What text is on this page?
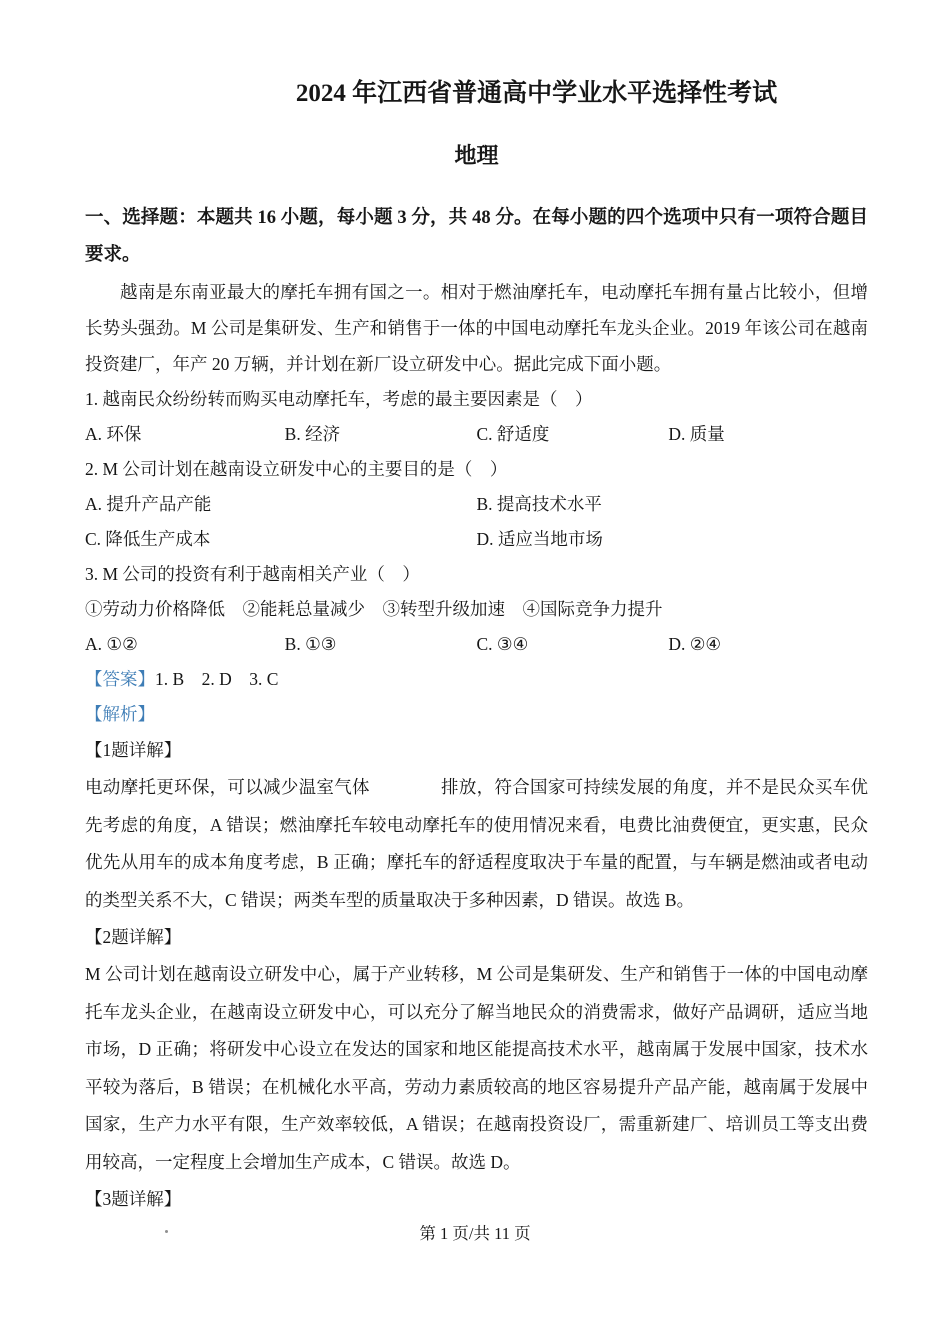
2024 年江西省普通高中学业水平选择性考试
地理

一、选择题：本题共 16 小题，每小题 3 分，共 48 分。在每小题的四个选项中只有一项符合题目要求。

越南是东南亚最大的摩托车拥有国之一。相对于燃油摩托车，电动摩托车拥有量占比较小，但增长势头强劲。M 公司是集研发、生产和销售于一体的中国电动摩托车龙头企业。2019 年该公司在越南投资建厂，年产 20 万辆，并计划在新厂设立研发中心。据此完成下面小题。

1. 越南民众纷纷转而购买电动摩托车，考虑的最主要因素是（　）

A. 环保	B. 经济	C. 舒适度	D. 质量

2. M 公司计划在越南设立研发中心的主要目的是（　）

A. 提升产品产能	B. 提高技术水平
C. 降低生产成本	D. 适应当地市场

3. M 公司的投资有利于越南相关产业（　）

①劳动力价格降低　②能耗总量减少　③转型升级加速　④国际竞争力提升

A. ①②	B. ①③	C. ③④	D. ②④

【答案】1. B　2. D　3. C

【解析】

【1题详解】

电动摩托更环保，可以减少温室气体　　　　排放，符合国家可持续发展的角度，并不是民众买车优先考虑的角度，A 错误；燃油摩托车较电动摩托车的使用情况来看，电费比油费便宜，更实惠，民众优先从用车的成本角度考虑，B 正确；摩托车的舒适程度取决于车量的配置，与车辆是燃油或者电动的类型关系不大，C 错误；两类车型的质量取决于多种因素，D 错误。故选 B。

【2题详解】

M 公司计划在越南设立研发中心，属于产业转移，M 公司是集研发、生产和销售于一体的中国电动摩托车龙头企业，在越南设立研发中心，可以充分了解当地民众的消费需求，做好产品调研，适应当地市场，D 正确；将研发中心设立在发达的国家和地区能提高技术水平，越南属于发展中国家，技术水平较为落后，B 错误；在机械化水平高，劳动力素质较高的地区容易提升产品产能，越南属于发展中国家，生产力水平有限，生产效率较低，A 错误；在越南投资设厂，需重新建厂、培训员工等支出费用较高，一定程度上会增加生产成本，C 错误。故选 D。

【3题详解】

第 1 页/共 11 页
